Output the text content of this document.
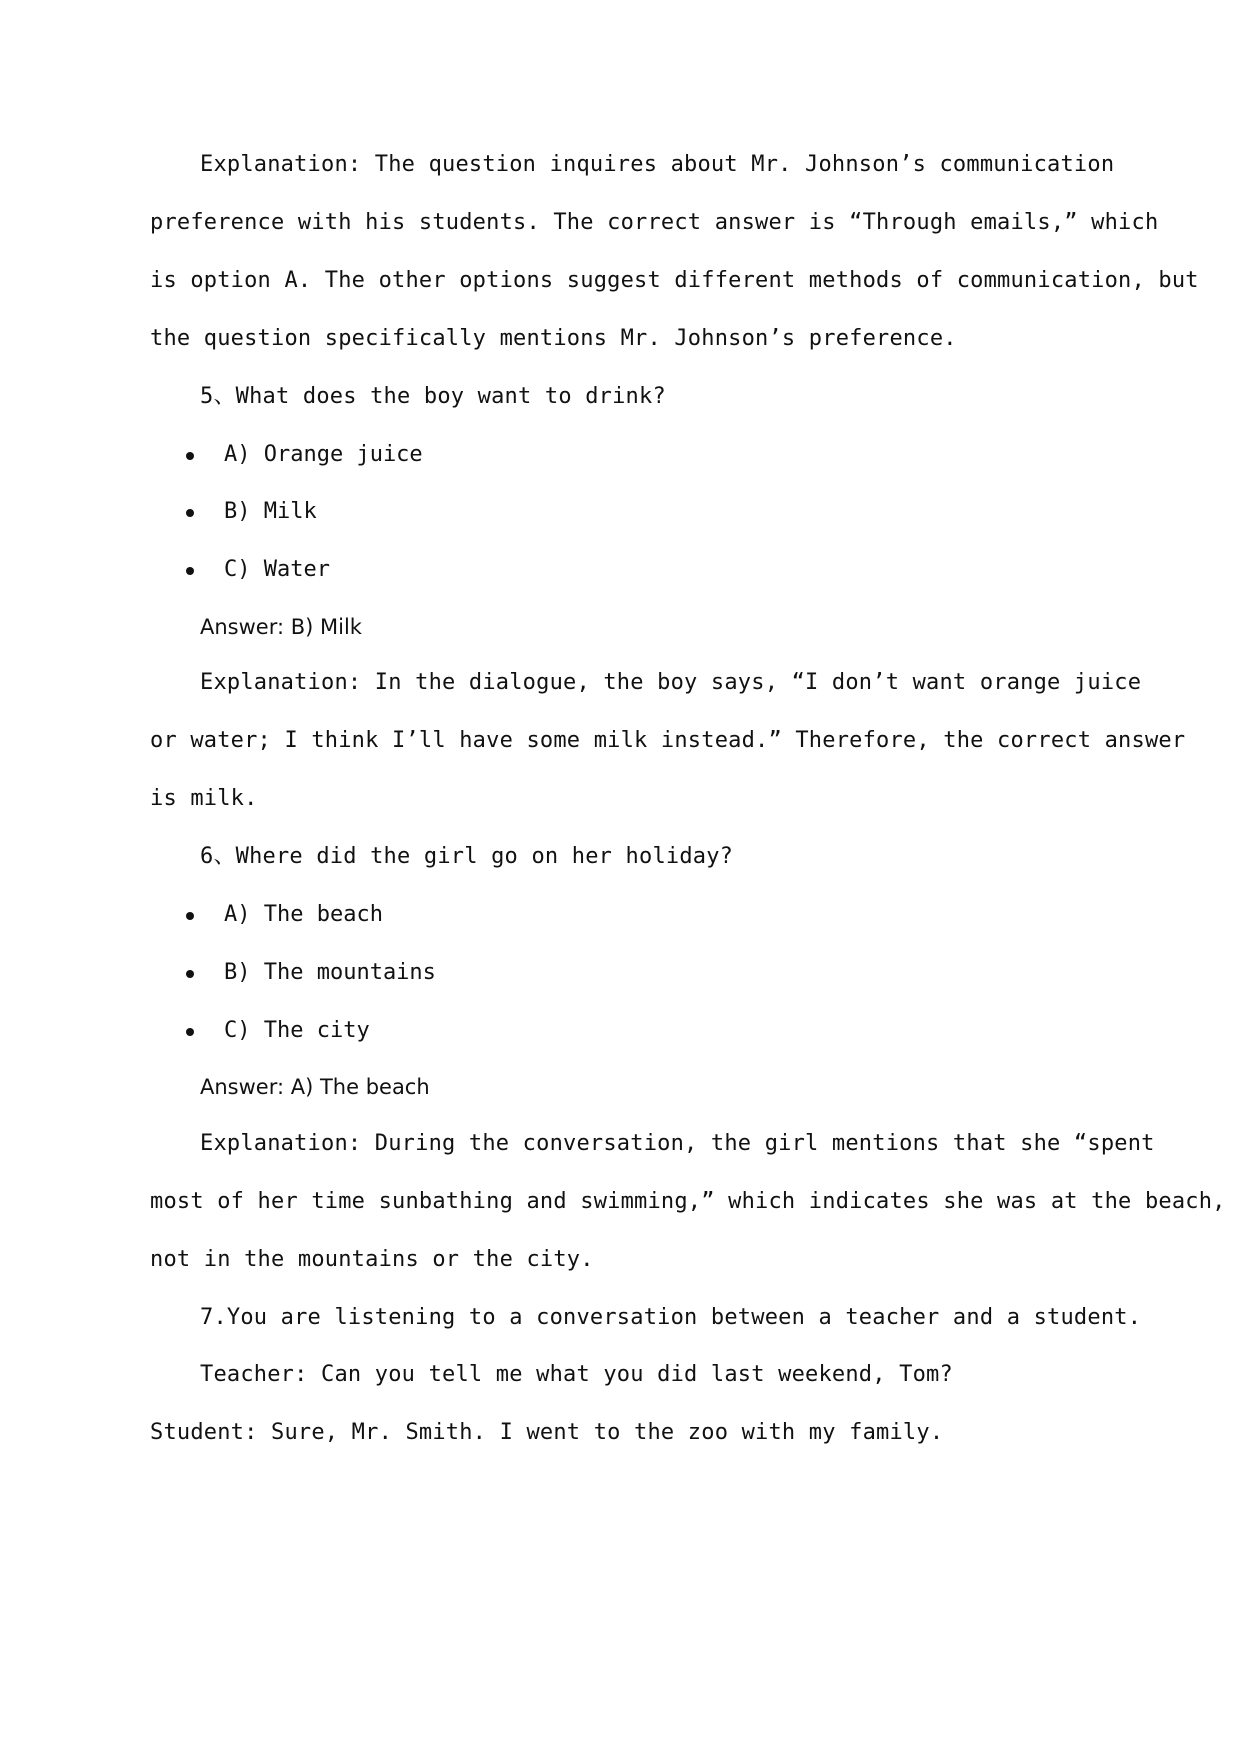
Explanation: The question inquires about Mr. Johnson’s communication
preference with his students. The correct answer is “Through emails,” which
is option A. The other options suggest different methods of communication, but
the question specifically mentions Mr. Johnson’s preference.
5、What does the boy want to drink?
A) Orange juice
B) Milk
C) Water
Answer: B) Milk
Explanation: In the dialogue, the boy says, “I don’t want orange juice
or water; I think I’ll have some milk instead.” Therefore, the correct answer
is milk.
6、Where did the girl go on her holiday?
A) The beach
B) The mountains
C) The city
Answer: A) The beach
Explanation: During the conversation, the girl mentions that she “spent
most of her time sunbathing and swimming,” which indicates she was at the beach,
not in the mountains or the city.
7.You are listening to a conversation between a teacher and a student.
Teacher: Can you tell me what you did last weekend, Tom?
Student: Sure, Mr. Smith. I went to the zoo with my family.
